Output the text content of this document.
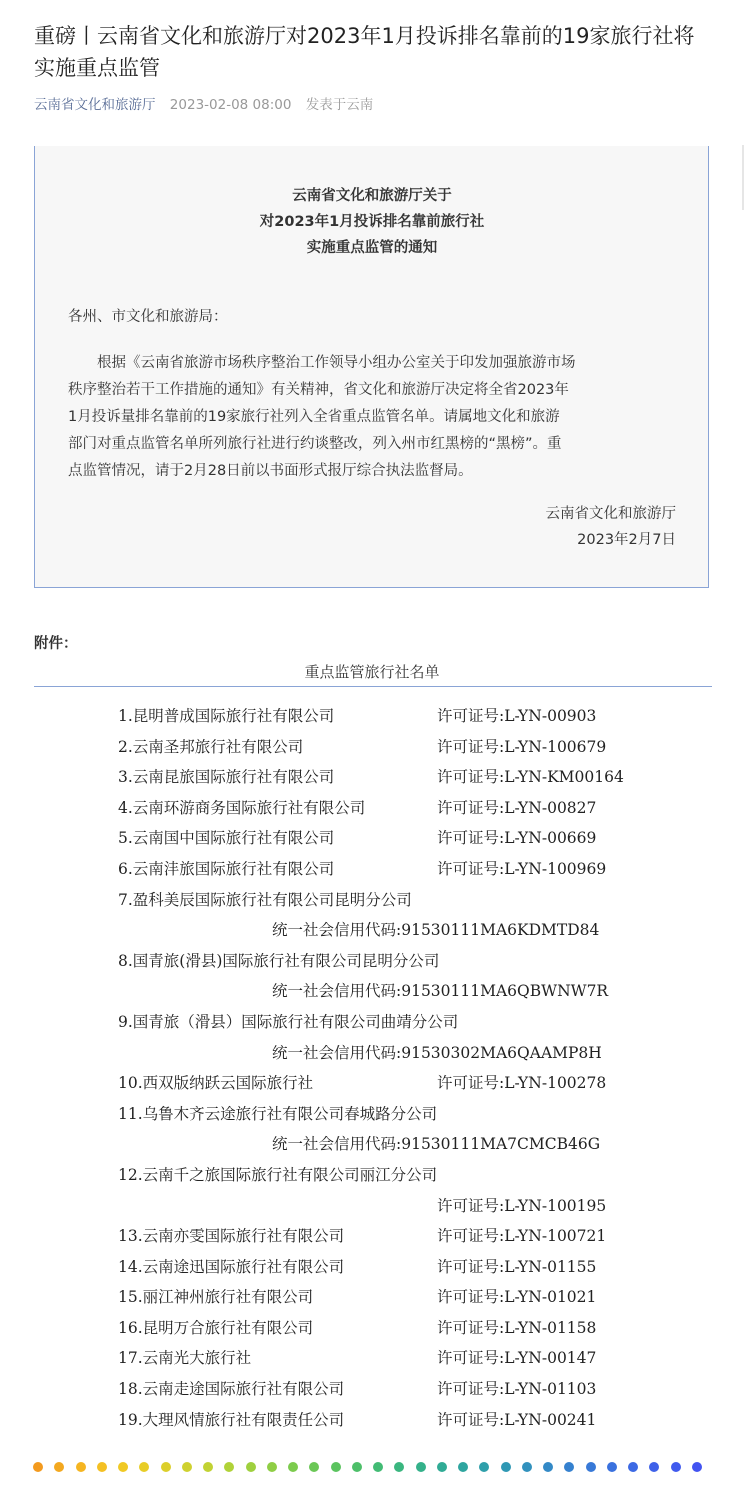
重磅丨云南省文化和旅游厅对2023年1月投诉排名靠前的19家旅行社将实施重点监管
云南省文化和旅游厅 2023-02-08 08:00 发表于云南
云南省文化和旅游厅关于
对2023年1月投诉排名靠前旅行社
实施重点监管的通知
各州、市文化和旅游局：
根据《云南省旅游市场秩序整治工作领导小组办公室关于印发加强旅游市场
秩序整治若干工作措施的通知》有关精神，省文化和旅游厅决定将全省2023年
1月投诉量排名靠前的19家旅行社列入全省重点监管名单。请属地文化和旅游
部门对重点监管名单所列旅行社进行约谈整改，列入州市红黑榜的“黑榜”。重
点监管情况，请于2月28日前以书面形式报厅综合执法监督局。
云南省文化和旅游厅
2023年2月7日
附件：
重点监管旅行社名单
1.昆明普成国际旅行社有限公司	许可证号:L-YN-00903
2.云南圣邦旅行社有限公司	许可证号:L-YN-100679
3.云南昆旅国际旅行社有限公司	许可证号:L-YN-KM00164
4.云南环游商务国际旅行社有限公司	许可证号:L-YN-00827
5.云南国中国际旅行社有限公司	许可证号:L-YN-00669
6.云南沣旅国际旅行社有限公司	许可证号:L-YN-100969
7.盈科美辰国际旅行社有限公司昆明分公司
统一社会信用代码:91530111MA6KDMTD84
8.国青旅(滑县)国际旅行社有限公司昆明分公司
统一社会信用代码:91530111MA6QBWNW7R
9.国青旅（滑县）国际旅行社有限公司曲靖分公司
统一社会信用代码:91530302MA6QAAMP8H
10.西双版纳跃云国际旅行社	许可证号:L-YN-100278
11.乌鲁木齐云途旅行社有限公司春城路分公司
统一社会信用代码:91530111MA7CMCB46G
12.云南千之旅国际旅行社有限公司丽江分公司
许可证号:L-YN-100195
13.云南亦雯国际旅行社有限公司	许可证号:L-YN-100721
14.云南途迅国际旅行社有限公司	许可证号:L-YN-01155
15.丽江神州旅行社有限公司	许可证号:L-YN-01021
16.昆明万合旅行社有限公司	许可证号:L-YN-01158
17.云南光大旅行社	许可证号:L-YN-00147
18.云南走途国际旅行社有限公司	许可证号:L-YN-01103
19.大理风情旅行社有限责任公司	许可证号:L-YN-00241
